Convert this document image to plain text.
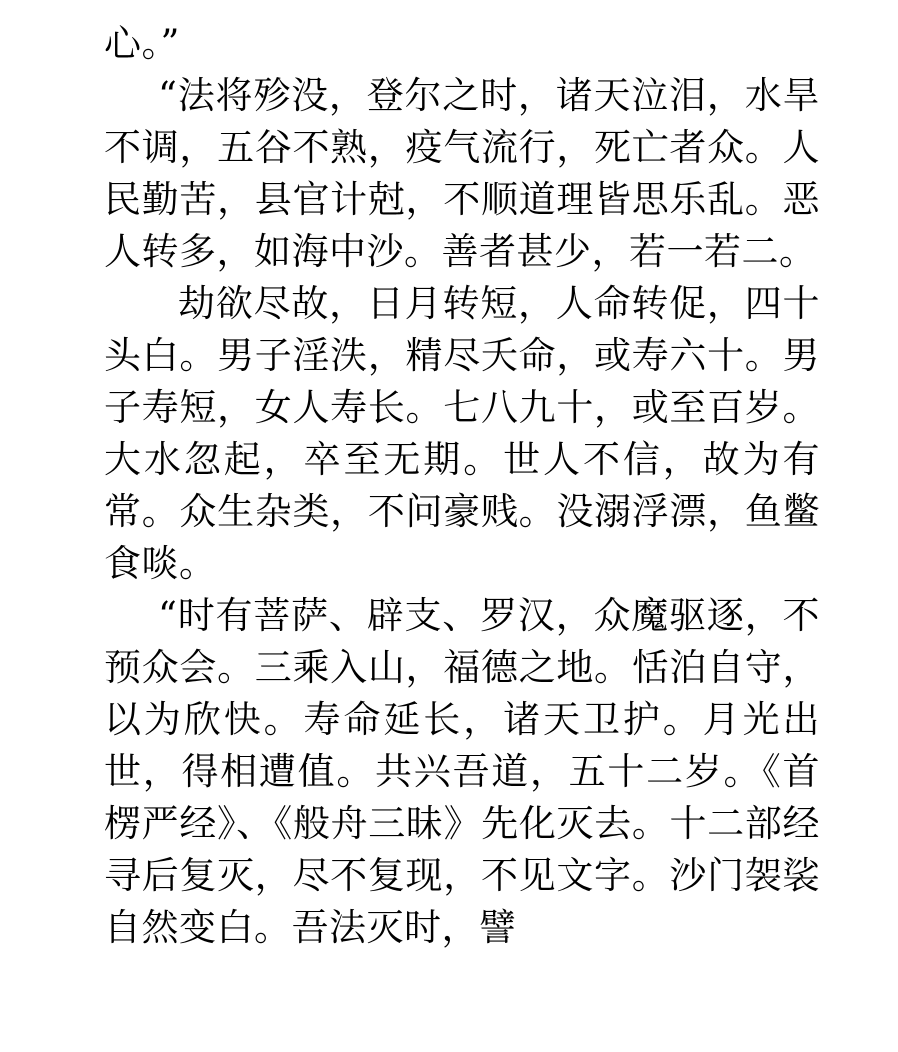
心。”

“法将殄没，登尔之时，诸天泣泪，水旱不调，五谷不熟，疫气流行，死亡者众。人民勤苦，县官计尅，不顺道理皆思乐乱。恶人转多，如海中沙。善者甚少，若一若二。

劫欲尽故，日月转短，人命转促，四十头白。男子淫泆，精尽夭命，或寿六十。男子寿短，女人寿长。七八九十，或至百岁。大水忽起，卒至无期。世人不信，故为有常。众生杂类，不问豪贱。没溺浮漂，鱼鳖食啖。

“时有菩萨、辟支、罗汉，众魔驱逐，不预众会。三乘入山，福德之地。恬泊自守，以为欣快。寿命延长，诸天卫护。月光出世，得相遭值。共兴吾道，五十二岁。《首楞严经》、《般舟三昧》先化灭去。十二部经寻后复灭，尽不复现，不见文字。沙门袈裟自然变白。吾法灭时，譬
